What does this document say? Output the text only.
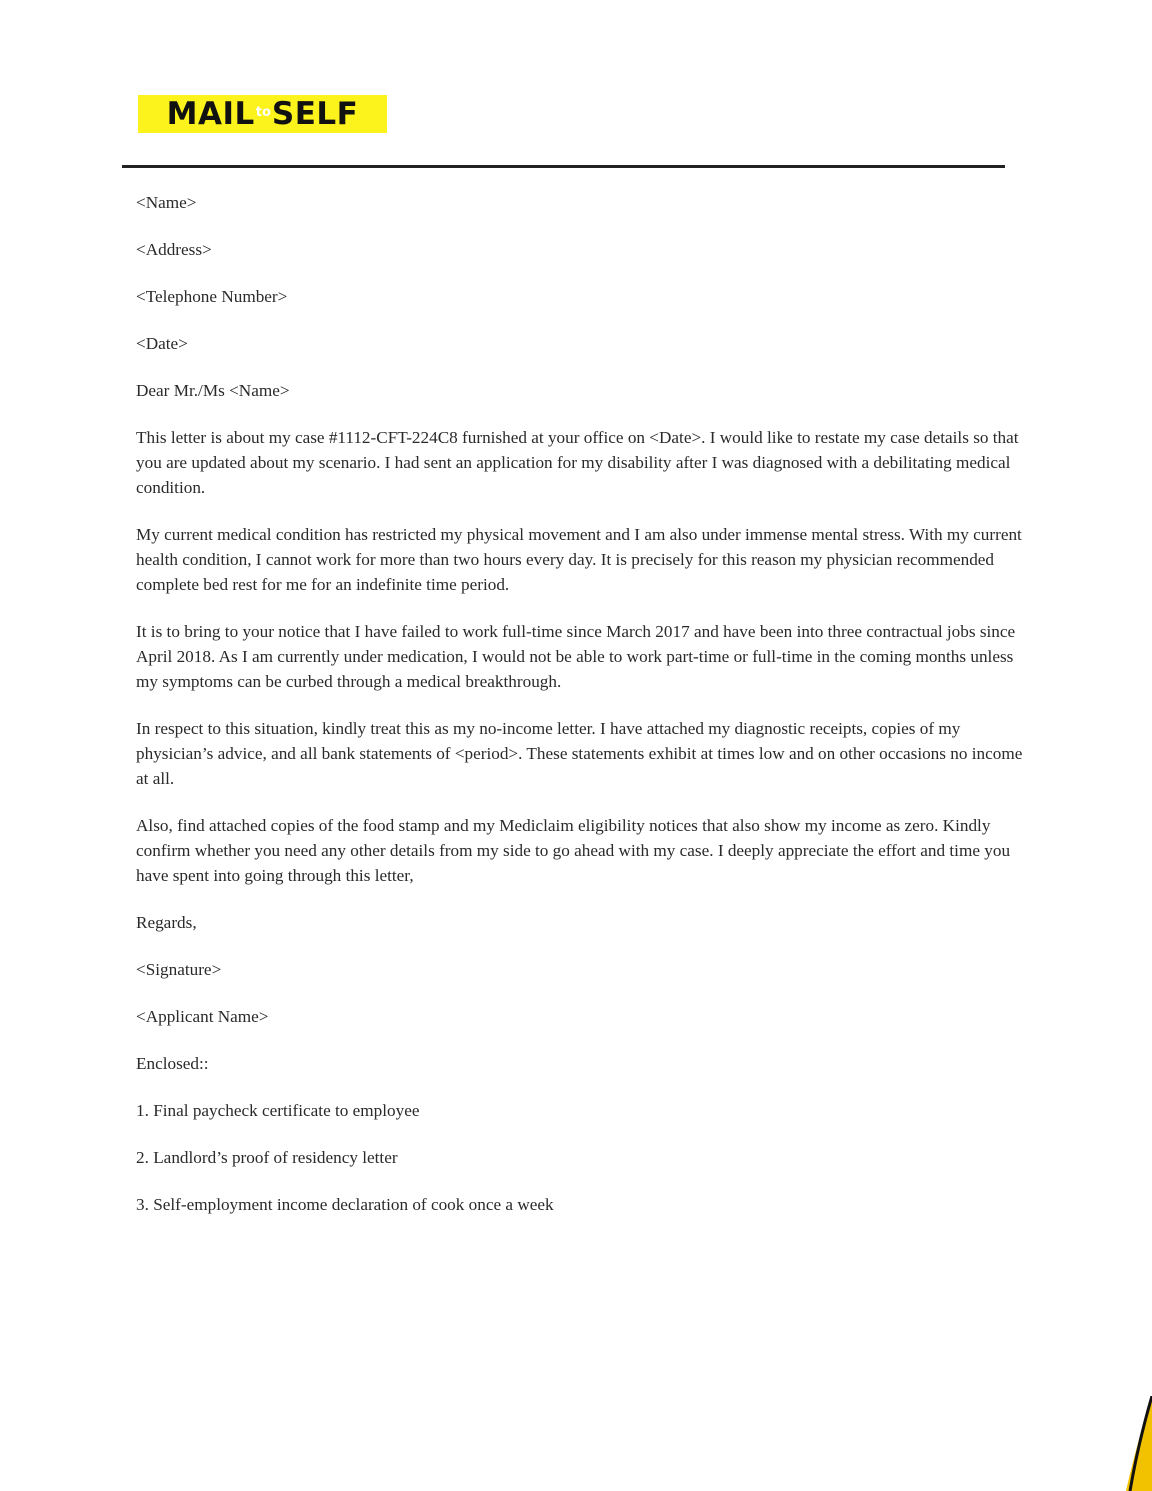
MAIL to SELF

<Name>

<Address>

<Telephone Number>

<Date>

Dear Mr./Ms <Name>

This letter is about my case #1112-CFT-224C8 furnished at your office on <Date>. I would like to restate my case details so that you are updated about my scenario. I had sent an application for my disability after I was diagnosed with a debilitating medical condition.

My current medical condition has restricted my physical movement and I am also under immense mental stress. With my current health condition, I cannot work for more than two hours every day. It is precisely for this reason my physician recommended complete bed rest for me for an indefinite time period.

It is to bring to your notice that I have failed to work full-time since March 2017 and have been into three contractual jobs since April 2018. As I am currently under medication, I would not be able to work part-time or full-time in the coming months unless my symptoms can be curbed through a medical breakthrough.

In respect to this situation, kindly treat this as my no-income letter. I have attached my diagnostic receipts, copies of my physician’s advice, and all bank statements of <period>. These statements exhibit at times low and on other occasions no income at all.

Also, find attached copies of the food stamp and my Mediclaim eligibility notices that also show my income as zero. Kindly confirm whether you need any other details from my side to go ahead with my case. I deeply appreciate the effort and time you have spent into going through this letter,

Regards,

<Signature>

<Applicant Name>

Enclosed::

1. Final paycheck certificate to employee

2. Landlord’s proof of residency letter

3. Self-employment income declaration of cook once a week
